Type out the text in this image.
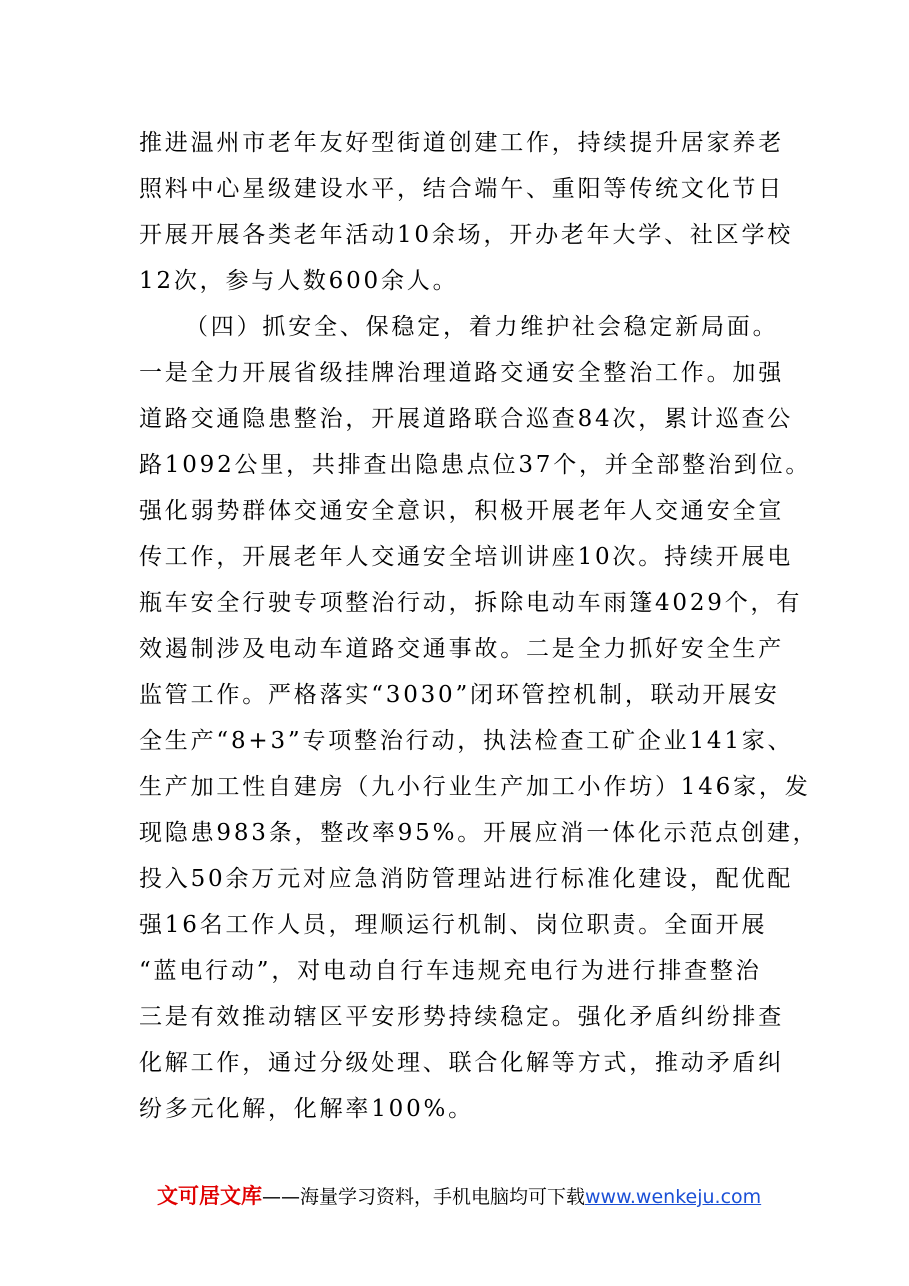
推进温州市老年友好型街道创建工作，持续提升居家养老
照料中心星级建设水平，结合端午、重阳等传统文化节日
开展开展各类老年活动10余场，开办老年大学、社区学校
12次，参与人数600余人。
（四）抓安全、保稳定，着力维护社会稳定新局面。
一是全力开展省级挂牌治理道路交通安全整治工作。加强
道路交通隐患整治，开展道路联合巡查84次，累计巡查公
路1092公里，共排查出隐患点位37个，并全部整治到位。
强化弱势群体交通安全意识，积极开展老年人交通安全宣
传工作，开展老年人交通安全培训讲座10次。持续开展电
瓶车安全行驶专项整治行动，拆除电动车雨篷4029个，有
效遏制涉及电动车道路交通事故。二是全力抓好安全生产
监管工作。严格落实“3030”闭环管控机制，联动开展安
全生产“8+3”专项整治行动，执法检查工矿企业141家、
生产加工性自建房（九小行业生产加工小作坊）146家，发
现隐患983条，整改率95%。开展应消一体化示范点创建，
投入50余万元对应急消防管理站进行标准化建设，配优配
强16名工作人员，理顺运行机制、岗位职责。全面开展
“蓝电行动”，对电动自行车违规充电行为进行排查整治
三是有效推动辖区平安形势持续稳定。强化矛盾纠纷排查
化解工作，通过分级处理、联合化解等方式，推动矛盾纠
纷多元化解，化解率100%。
文可居文库——海量学习资料，手机电脑均可下载www.wenkeju.com
